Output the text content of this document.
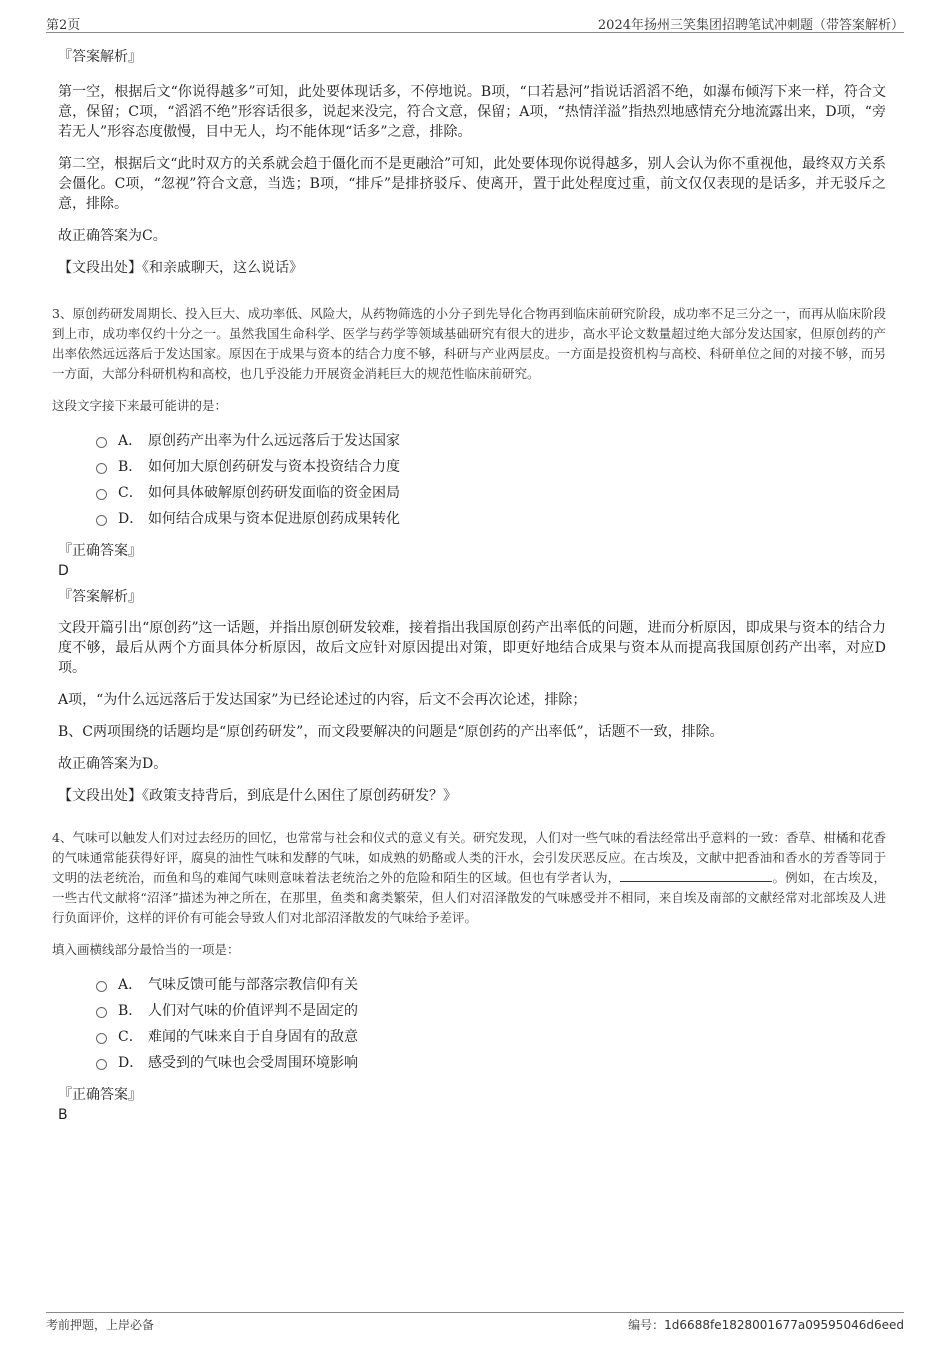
第2页	2024年扬州三笑集团招聘笔试冲刺题（带答案解析）
『答案解析』

第一空，根据后文“你说得越多”可知，此处要体现话多，不停地说。B项，“口若悬河”指说话滔滔不绝，如瀑布倾泻下来一样，符合文意，保留；C项，“滔滔不绝”形容话很多，说起来没完，符合文意，保留；A项，“热情洋溢”指热烈地感情充分地流露出来，D项，“旁若无人”形容态度傲慢，目中无人，均不能体现“话多”之意，排除。

第二空，根据后文“此时双方的关系就会趋于僵化而不是更融洽”可知，此处要体现你说得越多，别人会认为你不重视他，最终双方关系会僵化。C项，“忽视”符合文意，当选；B项，“排斥”是排挤驳斥、使离开，置于此处程度过重，前文仅仅表现的是话多，并无驳斥之意，排除。

故正确答案为C。

【文段出处】《和亲戚聊天，这么说话》

3、原创药研发周期长、投入巨大、成功率低、风险大，从药物筛选的小分子到先导化合物再到临床前研究阶段，成功率不足三分之一，而再从临床阶段到上市，成功率仅约十分之一。虽然我国生命科学、医学与药学等领域基础研究有很大的进步，高水平论文数量超过绝大部分发达国家，但原创药的产出率依然远远落后于发达国家。原因在于成果与资本的结合力度不够，科研与产业两层皮。一方面是投资机构与高校、科研单位之间的对接不够，而另一方面，大部分科研机构和高校，也几乎没能力开展资金消耗巨大的规范性临床前研究。

这段文字接下来最可能讲的是：

A． 原创药产出率为什么远远落后于发达国家
B． 如何加大原创药研发与资本投资结合力度
C． 如何具体破解原创药研发面临的资金困局
D． 如何结合成果与资本促进原创药成果转化
『正确答案』
D
『答案解析』

文段开篇引出“原创药”这一话题，并指出原创研发较难，接着指出我国原创药产出率低的问题，进而分析原因，即成果与资本的结合力度不够，最后从两个方面具体分析原因，故后文应针对原因提出对策，即更好地结合成果与资本从而提高我国原创药产出率，对应D项。

A项，“为什么远远落后于发达国家”为已经论述过的内容，后文不会再次论述，排除；

B、C两项围绕的话题均是“原创药研发”，而文段要解决的问题是“原创药的产出率低”，话题不一致，排除。

故正确答案为D。

【文段出处】《政策支持背后，到底是什么困住了原创药研发？》

4、气味可以触发人们对过去经历的回忆，也常常与社会和仪式的意义有关。研究发现，人们对一些气味的看法经常出乎意料的一致：香草、柑橘和花香的气味通常能获得好评，腐臭的油性气味和发酵的气味，如成熟的奶酪或人类的汗水，会引发厌恶反应。在古埃及，文献中把香油和香水的芳香等同于文明的法老统治，而鱼和鸟的难闻气味则意味着法老统治之外的危险和陌生的区域。但也有学者认为，	。例如，在古埃及，一些古代文献将“沼泽”描述为神之所在，在那里，鱼类和禽类繁荣，但人们对沼泽散发的气味感受并不相同，来自埃及南部的文献经常对北部埃及人进行负面评价，这样的评价有可能会导致人们对北部沼泽散发的气味给予差评。

填入画横线部分最恰当的一项是：

A． 气味反馈可能与部落宗教信仰有关
B． 人们对气味的价值评判不是固定的
C． 难闻的气味来自于自身固有的敌意
D． 感受到的气味也会受周围环境影响
『正确答案』
B
考前押题，上岸必备	编号：1d6688fe1828001677a09595046d6eed
